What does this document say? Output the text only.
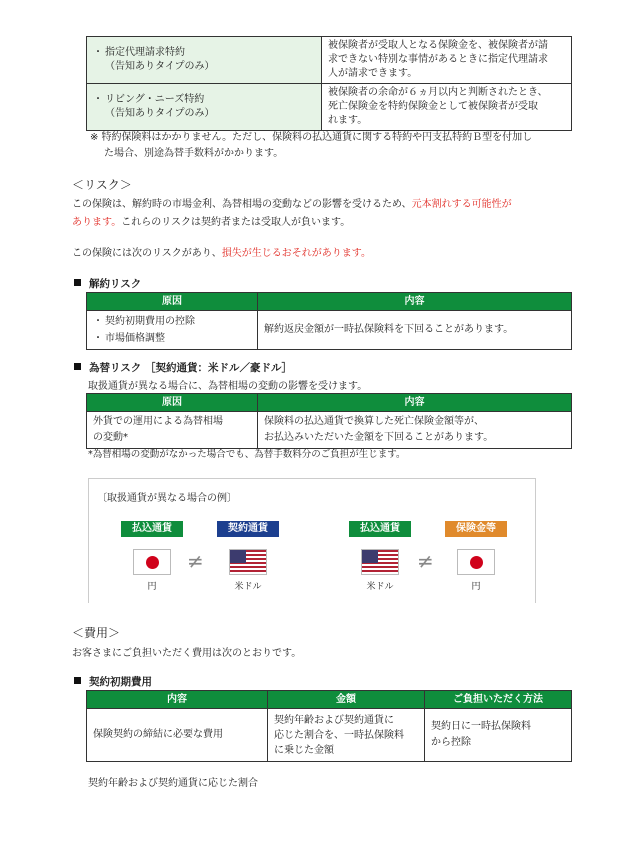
・ 指定代理請求特約
（告知ありタイプのみ）	被保険者が受取人となる保険金を、被保険者が請
求できない特別な事情があるときに指定代理請求
人が請求できます。
・ リビング・ニーズ特約
（告知ありタイプのみ）	被保険者の余命が６ヵ月以内と判断されたとき、
死亡保険金を特約保険金として被保険者が受取
れます。
※ 特約保険料はかかりません。ただし、保険料の払込通貨に関する特約や円支払特約Ｂ型を付加し
た場合、別途為替手数料がかかります。
＜リスク＞
この保険は、解約時の市場金利、為替相場の変動などの影響を受けるため、元本割れする可能性が
あります。これらのリスクは契約者または受取人が負います。
この保険には次のリスクがあり、損失が生じるおそれがあります。
解約リスク
原因	内容
・ 契約初期費用の控除
・ 市場価格調整	解約返戻金額が一時払保険料を下回ることがあります。
為替リスク ［契約通貨：米ドル／豪ドル］
取扱通貨が異なる場合に、為替相場の変動の影響を受けます。
原因	内容
外貨での運用による為替相場
の変動*	保険料の払込通貨で換算した死亡保険金額等が、
お払込みいただいた金額を下回ることがあります。
*為替相場の変動がなかった場合でも、為替手数料分のご負担が生じます。
〔取扱通貨が異なる場合の例〕
払込通貨	契約通貨	払込通貨	保険金等
≠	≠
円	米ドル	米ドル	円
＜費用＞
お客さまにご負担いただく費用は次のとおりです。
契約初期費用
内容	金額	ご負担いただく方法
保険契約の締結に必要な費用	契約年齢および契約通貨に
応じた割合を、一時払保険料
に乗じた金額	契約日に一時払保険料
から控除
契約年齢および契約通貨に応じた割合
